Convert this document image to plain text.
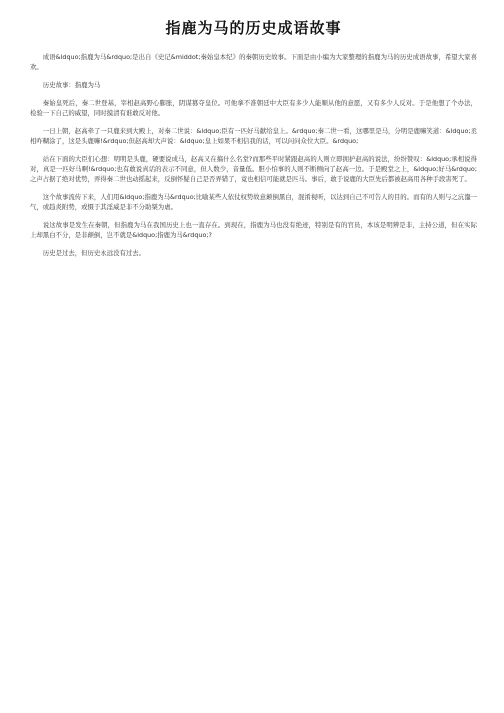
指鹿为马的历史成语故事

成语&ldquo;指鹿为马&rdquo;是出自《史记&middot;秦始皇本纪》的秦朝历史故事。下面是由小编为大家整理的指鹿为马的历史成语故事，希望大家喜欢。

历史故事：指鹿为马

秦始皇死后，秦二世登基，宰相赵高野心膨胀，阴谋篡夺皇位。可他拿不准朝廷中大臣有多少人能顺从他的意愿，又有多少人反对。于是他想了个办法，检验一下自己的威望，同时摸清有谁敢反对他。

一日上朝，赵高牵了一只鹿来到大殿上，对秦二世说：&ldquo;臣有一匹好马献给皇上。&rdquo;秦二世一看，这哪里是马，分明是鹿嘛笑道：&ldquo;丞相咋糊涂了，这是头鹿嘛!&rdquo;但赵高却大声说：&ldquo;皇上如果不相信我的话，可以问问众位大臣。&rdquo;

站在下面的大臣们心想：明明是头鹿，硬要说成马，赵高又在搞什么名堂?而那些平时紧跟赵高的人则立即拥护赵高的说法，纷纷赞叹：&ldquo;承相说得对，真是一匹好马啊!&rdquo;也有敢说真话的表示不同意，但人数少，音量低。胆小怕事的人则不断侧向了赵高一边。于是殿堂之上，&ldquo;好马&rdquo;之声占据了绝对优势，弄得秦二世也动摇起来，反倒怀疑自己是否弄错了，竟也相信可能就是匹马。事后，敢于说鹿的大臣先后都被赵高用各种手段害死了。

这个故事流传下来，人们用&ldquo;指鹿为马&rdquo;比喻某些人依仗权势故意颠倒黑白，混淆视听，以达到自己不可告人的目的。而有的人则与之沆瀣一气，或趋炎附势，或慑于其淫威是非不分助桀为虐。

说这故事是发生在秦朝，但指鹿为马在我国历史上也一直存在。到现在，指鹿为马也没有绝迹，特别是有的官员，本该是明辨是非，主持公道，但在实际上却黑白不分，是非颠倒，岂不就是&ldquo;指鹿为马&rdquo;?

历史是过去，但历史永远没有过去。
